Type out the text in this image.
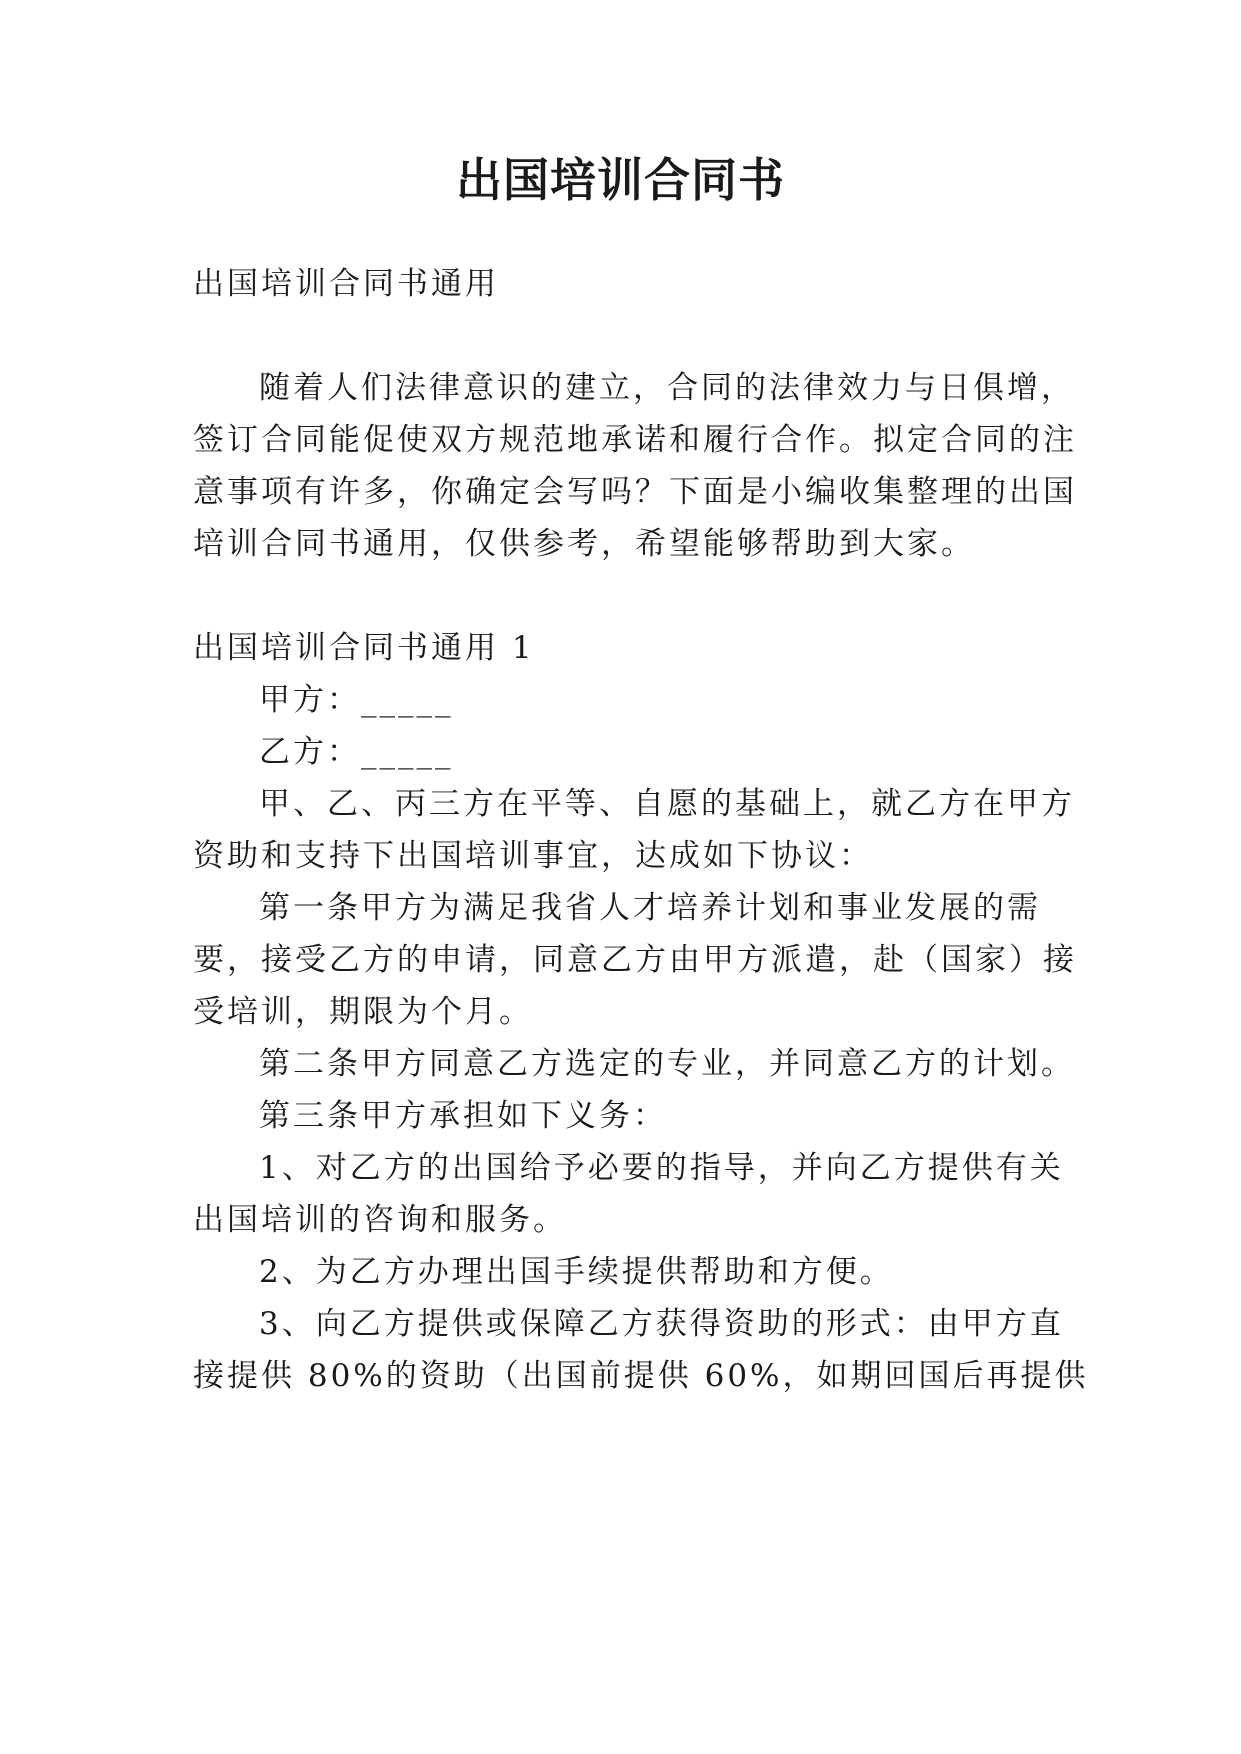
出国培训合同书
出国培训合同书通用
随着人们法律意识的建立，合同的法律效力与日俱增，
签订合同能促使双方规范地承诺和履行合作。拟定合同的注
意事项有许多，你确定会写吗？下面是小编收集整理的出国
培训合同书通用，仅供参考，希望能够帮助到大家。
出国培训合同书通用 1
甲方：_____
乙方：_____
甲、乙、丙三方在平等、自愿的基础上，就乙方在甲方
资助和支持下出国培训事宜，达成如下协议：
第一条甲方为满足我省人才培养计划和事业发展的需
要，接受乙方的申请，同意乙方由甲方派遣，赴（国家）接
受培训，期限为个月。
第二条甲方同意乙方选定的专业，并同意乙方的计划。
第三条甲方承担如下义务：
1、对乙方的出国给予必要的指导，并向乙方提供有关
出国培训的咨询和服务。
2、为乙方办理出国手续提供帮助和方便。
3、向乙方提供或保障乙方获得资助的形式：由甲方直
接提供 80%的资助（出国前提供 60%，如期回国后再提供
